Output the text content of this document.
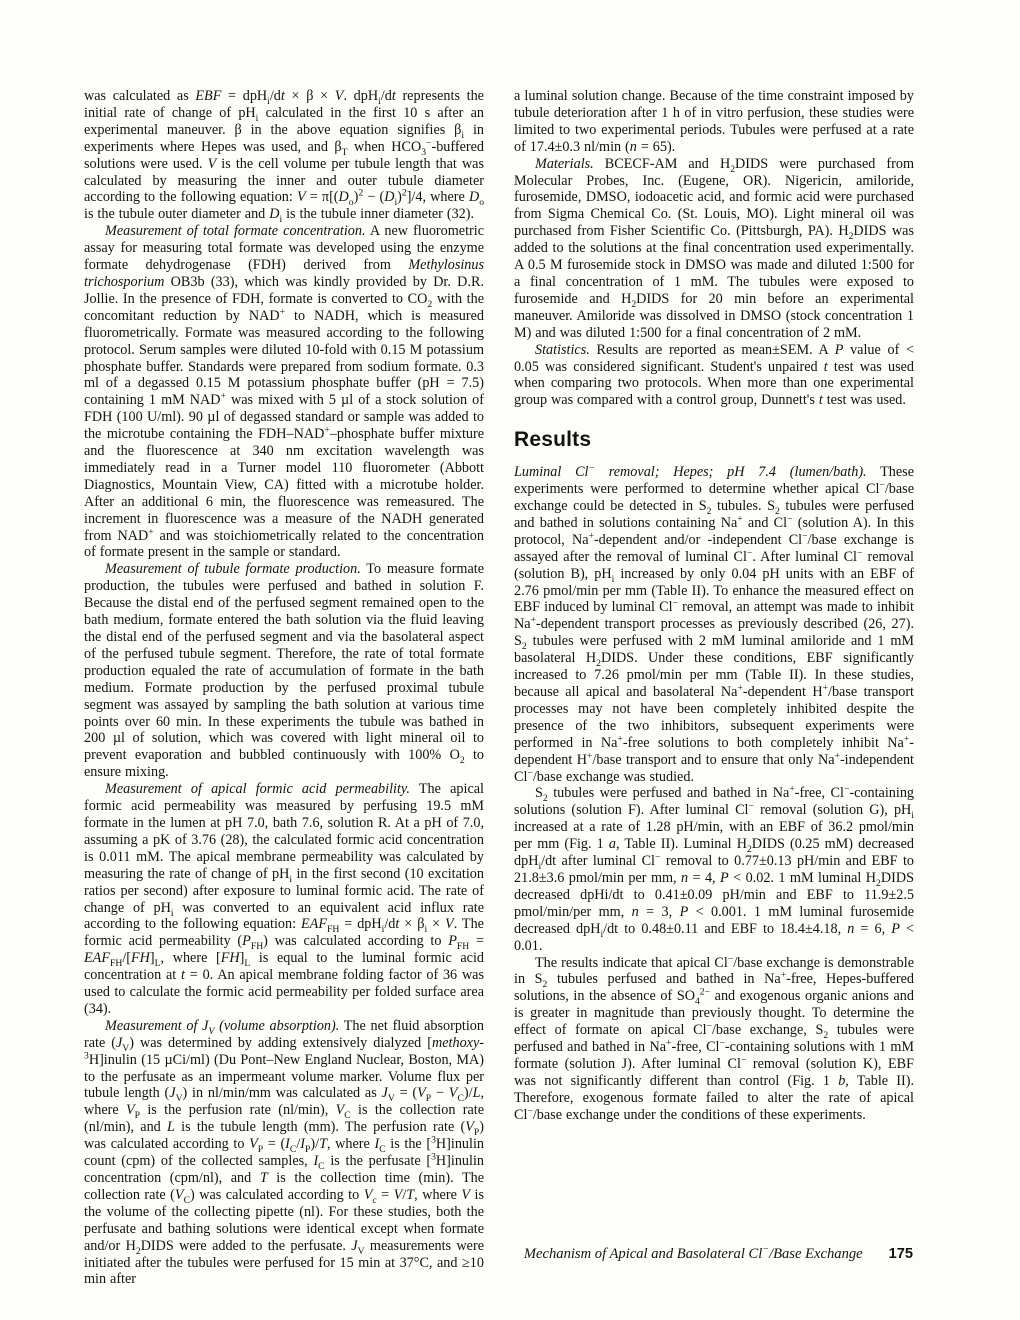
was calculated as EBF = dpH$_i$/dt × β × V. dpH$_i$/dt represents the initial rate of change of $pH_i$ calculated in the first 10 s after an experimental maneuver. β in the above equation signifies $\beta_i$ in experiments where Hepes was used, and $\beta_T$ when $HCO_3^-$-buffered solutions were used. V is the cell volume per tubule length that was calculated by measuring the inner and outer tubule diameter according to the following equation: $V = \pi[(D_o)^2 - (D_i)^2]/4$, where $D_o$ is the tubule outer diameter and $D_i$ is the tubule inner diameter (32).

Measurement of total formate concentration. A new fluorometric assay for measuring total formate was developed using the enzyme formate dehydrogenase (FDH) derived from Methylosinus trichosporium OB3b (33), which was kindly provided by Dr. D.R. Jollie. In the presence of FDH, formate is converted to $CO_2$ with the concomitant reduction by NAD+ to NADH, which is measured fluorometrically. Formate was measured according to the following protocol. Serum samples were diluted 10-fold with 0.15 M potassium phosphate buffer. Standards were prepared from sodium formate. 0.3 ml of a degassed 0.15 M potassium phosphate buffer (pH = 7.5) containing 1 mM NAD+ was mixed with 5 µl of a stock solution of FDH (100 U/ml). 90 µl of degassed standard or sample was added to the microtube containing the FDH–NAD+–phosphate buffer mixture and the fluorescence at 340 nm excitation wavelength was immediately read in a Turner model 110 fluorometer (Abbott Diagnostics, Mountain View, CA) fitted with a microtube holder. After an additional 6 min, the fluorescence was remeasured. The increment in fluorescence was a measure of the NADH generated from NAD+ and was stoichiometrically related to the concentration of formate present in the sample or standard.

Measurement of tubule formate production. To measure formate production, the tubules were perfused and bathed in solution F. Because the distal end of the perfused segment remained open to the bath medium, formate entered the bath solution via the fluid leaving the distal end of the perfused segment and via the basolateral aspect of the perfused tubule segment. Therefore, the rate of total formate production equaled the rate of accumulation of formate in the bath medium. Formate production by the perfused proximal tubule segment was assayed by sampling the bath solution at various time points over 60 min. In these experiments the tubule was bathed in 200 µl of solution, which was covered with light mineral oil to prevent evaporation and bubbled continuously with 100% $O_2$ to ensure mixing.

Measurement of apical formic acid permeability. The apical formic acid permeability was measured by perfusing 19.5 mM formate in the lumen at pH 7.0, bath 7.6, solution R. At a pH of 7.0, assuming a pK of 3.76 (28), the calculated formic acid concentration is 0.011 mM. The apical membrane permeability was calculated by measuring the rate of change of $pH_i$ in the first second (10 excitation ratios per second) after exposure to luminal formic acid. The rate of change of $pH_i$ was converted to an equivalent acid influx rate according to the following equation: $EAF_{FH} = dpH_i/dt \times \beta_i \times V$. The formic acid permeability $(P_{FH})$ was calculated according to $P_{FH} = EAF_{FH}/[FH]_L$, where $[FH]_L$ is equal to the luminal formic acid concentration at t = 0. An apical membrane folding factor of 36 was used to calculate the formic acid permeability per folded surface area (34).

Measurement of $J_V$ (volume absorption). The net fluid absorption rate $(J_V)$ was determined by adding extensively dialyzed [methoxy-$^3$H]inulin (15 µCi/ml) (Du Pont–New England Nuclear, Boston, MA) to the perfusate as an impermeant volume marker. Volume flux per tubule length $(J_V)$ in nl/min/mm was calculated as $J_V = (V_P - V_C)/L$, where $V_P$ is the perfusion rate (nl/min), $V_C$ is the collection rate (nl/min), and L is the tubule length (mm). The perfusion rate $(V_P)$ was calculated according to $V_P = (I_C/I_P)/T$, where $I_C$ is the [$^3$H]inulin count (cpm) of the collected samples, $I_C$ is the perfusate [$^3$H]inulin concentration (cpm/nl), and T is the collection time (min). The collection rate $(V_C)$ was calculated according to $V_c = V/T$, where V is the volume of the collecting pipette (nl). For these studies, both the perfusate and bathing solutions were identical except when formate and/or $H_2DIDS$ were added to the perfusate. $J_V$ measurements were initiated after the tubules were perfused for 15 min at 37°C, and ≥10 min after

a luminal solution change. Because of the time constraint imposed by tubule deterioration after 1 h of in vitro perfusion, these studies were limited to two experimental periods. Tubules were perfused at a rate of 17.4±0.3 nl/min (n = 65).

Materials. BCECF-AM and $H_2DIDS$ were purchased from Molecular Probes, Inc. (Eugene, OR). Nigericin, amiloride, furosemide, DMSO, iodoacetic acid, and formic acid were purchased from Sigma Chemical Co. (St. Louis, MO). Light mineral oil was purchased from Fisher Scientific Co. (Pittsburgh, PA). $H_2DIDS$ was added to the solutions at the final concentration used experimentally. A 0.5 M furosemide stock in DMSO was made and diluted 1:500 for a final concentration of 1 mM. The tubules were exposed to furosemide and $H_2DIDS$ for 20 min before an experimental maneuver. Amiloride was dissolved in DMSO (stock concentration 1 M) and was diluted 1:500 for a final concentration of 2 mM.

Statistics. Results are reported as mean±SEM. A P value of < 0.05 was considered significant. Student's unpaired t test was used when comparing two protocols. When more than one experimental group was compared with a control group, Dunnett's t test was used.

Results

Luminal Cl− removal; Hepes; pH 7.4 (lumen/bath). These experiments were performed to determine whether apical Cl−/base exchange could be detected in $S_2$ tubules. $S_2$ tubules were perfused and bathed in solutions containing Na+ and Cl− (solution A). In this protocol, Na+-dependent and/or -independent Cl−/base exchange is assayed after the removal of luminal Cl−. After luminal Cl− removal (solution B), $pH_i$ increased by only 0.04 pH units with an EBF of 2.76 pmol/min per mm (Table II). To enhance the measured effect on EBF induced by luminal Cl− removal, an attempt was made to inhibit Na+-dependent transport processes as previously described (26, 27). $S_2$ tubules were perfused with 2 mM luminal amiloride and 1 mM basolateral $H_2DIDS$. Under these conditions, EBF significantly increased to 7.26 pmol/min per mm (Table II). In these studies, because all apical and basolateral Na+-dependent H+/base transport processes may not have been completely inhibited despite the presence of the two inhibitors, subsequent experiments were performed in Na+-free solutions to both completely inhibit Na+-dependent H+/base transport and to ensure that only Na+-independent Cl−/base exchange was studied.

$S_2$ tubules were perfused and bathed in Na+-free, Cl−-containing solutions (solution F). After luminal Cl− removal (solution G), $pH_i$ increased at a rate of 1.28 pH/min, with an EBF of 36.2 pmol/min per mm (Fig. 1 a, Table II). Luminal $H_2DIDS$ (0.25 mM) decreased dpH$_i$/dt after luminal Cl− removal to 0.77±0.13 pH/min and EBF to 21.8±3.6 pmol/min per mm, n = 4, P < 0.02. 1 mM luminal $H_2DIDS$ decreased dpHi/dt to 0.41±0.09 pH/min and EBF to 11.9±2.5 pmol/min/per mm, n = 3, P < 0.001. 1 mM luminal furosemide decreased dpH$_i$/dt to 0.48±0.11 and EBF to 18.4±4.18, n = 6, P < 0.01.

The results indicate that apical Cl−/base exchange is demonstrable in $S_2$ tubules perfused and bathed in Na+-free, Hepes-buffered solutions, in the absence of $SO_4^{2-}$ and exogenous organic anions and is greater in magnitude than previously thought. To determine the effect of formate on apical Cl−/base exchange, $S_2$ tubules were perfused and bathed in Na+-free, Cl−-containing solutions with 1 mM formate (solution J). After luminal Cl− removal (solution K), EBF was not significantly different than control (Fig. 1 b, Table II). Therefore, exogenous formate failed to alter the rate of apical Cl−/base exchange under the conditions of these experiments.

Mechanism of Apical and Basolateral Cl−/Base Exchange 175
